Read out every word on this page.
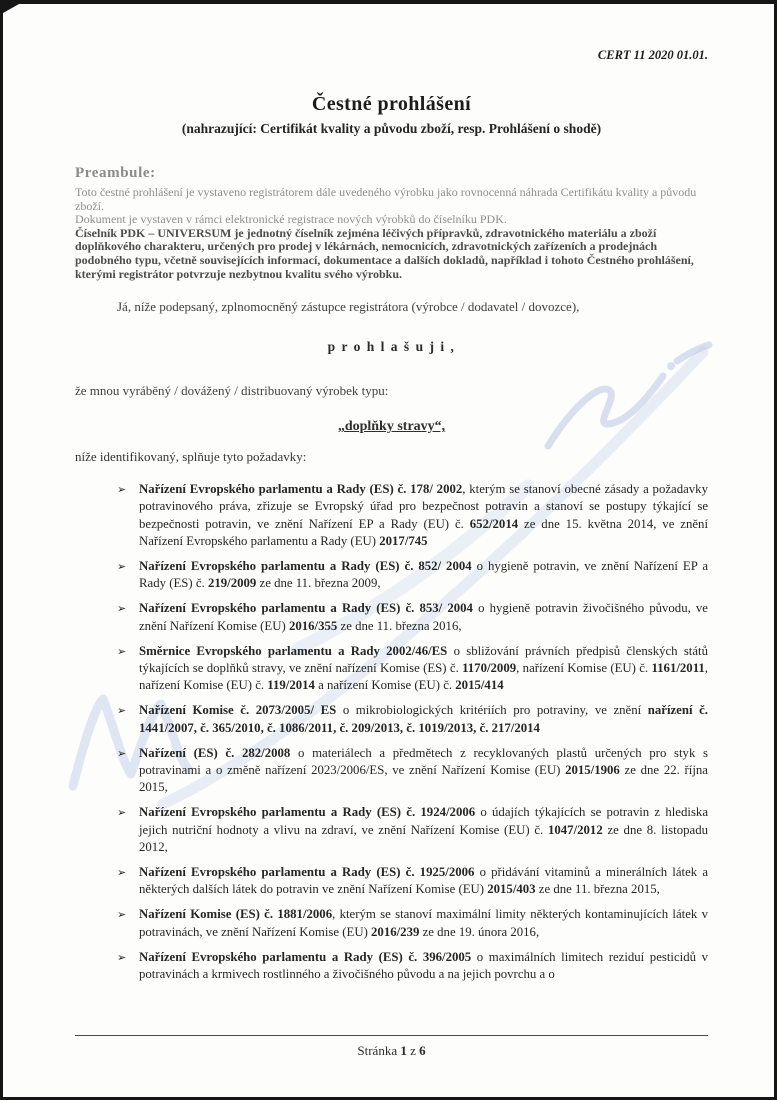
CERT 11 2020 01.01.
Čestné prohlášení
(nahrazující: Certifikát kvality a původu zboží, resp. Prohlášení o shodě)
Preambule:

Toto čestné prohlášení je vystaveno registrátorem dále uvedeného výrobku jako rovnocenná náhrada Certifikátu kvality a původu zboží.

Dokument je vystaven v rámci elektronické registrace nových výrobků do číselníku PDK.

Číselník PDK – UNIVERSUM je jednotný číselník zejména léčivých přípravků, zdravotnického materiálu a zboží doplňkového charakteru, určených pro prodej v lékárnách, nemocnicích, zdravotnických zařízeních a prodejnách podobného typu, včetně souvisejících informací, dokumentace a dalších dokladů, například i tohoto Čestného prohlášení, kterými registrátor potvrzuje nezbytnou kvalitu svého výrobku.

Já, níže podepsaný, zplnomocněný zástupce registrátora (výrobce / dodavatel / dovozce),

p r o h l a š u j i ,

že mnou vyráběný / dovážený / distribuovaný výrobek typu:

„doplňky stravy“,

níže identifikovaný, splňuje tyto požadavky:

➢ Nařízení Evropského parlamentu a Rady (ES) č. 178/ 2002, kterým se stanoví obecné zásady a požadavky potravinového práva, zřizuje se Evropský úřad pro bezpečnost potravin a stanoví se postupy týkající se bezpečnosti potravin, ve znění Nařízení EP a Rady (EU) č. 652/2014 ze dne 15. května 2014, ve znění Nařízení Evropského parlamentu a Rady (EU) 2017/745
➢ Nařízení Evropského parlamentu a Rady (ES) č. 852/ 2004 o hygieně potravin, ve znění Nařízení EP a Rady (ES) č. 219/2009 ze dne 11. března 2009,
➢ Nařízení Evropského parlamentu a Rady (ES) č. 853/ 2004 o hygieně potravin živočišného původu, ve znění Nařízení Komise (EU) 2016/355 ze dne 11. března 2016,
➢ Směrnice Evropského parlamentu a Rady 2002/46/ES o sbližování právních předpisů členských států týkajících se doplňků stravy, ve znění nařízení Komise (ES) č. 1170/2009, nařízení Komise (EU) č. 1161/2011, nařízení Komise (EU) č. 119/2014 a nařízení Komise (EU) č. 2015/414
➢ Nařízení Komise č. 2073/2005/ ES o mikrobiologických kritériích pro potraviny, ve znění nařízení č. 1441/2007, č. 365/2010, č. 1086/2011, č. 209/2013, č. 1019/2013, č. 217/2014
➢ Nařízení (ES) č. 282/2008 o materiálech a předmětech z recyklovaných plastů určených pro styk s potravinami a o změně nařízení 2023/2006/ES, ve znění Nařízení Komise (EU) 2015/1906 ze dne 22. října 2015,
➢ Nařízení Evropského parlamentu a Rady (ES) č. 1924/2006 o údajích týkajících se potravin z hlediska jejich nutriční hodnoty a vlivu na zdraví, ve znění Nařízení Komise (EU) č. 1047/2012 ze dne 8. listopadu 2012,
➢ Nařízení Evropského parlamentu a Rady (ES) č. 1925/2006 o přidávání vitaminů a minerálních látek a některých dalších látek do potravin ve znění Nařízení Komise (EU) 2015/403 ze dne 11. března 2015,
➢ Nařízení Komise (ES) č. 1881/2006, kterým se stanoví maximální limity některých kontaminujících látek v potravinách, ve znění Nařízení Komise (EU) 2016/239 ze dne 19. února 2016,
➢ Nařízení Evropského parlamentu a Rady (ES) č. 396/2005 o maximálních limitech reziduí pesticidů v potravinách a krmivech rostlinného a živočišného původu a na jejich povrchu a o
Stránka 1 z 6
